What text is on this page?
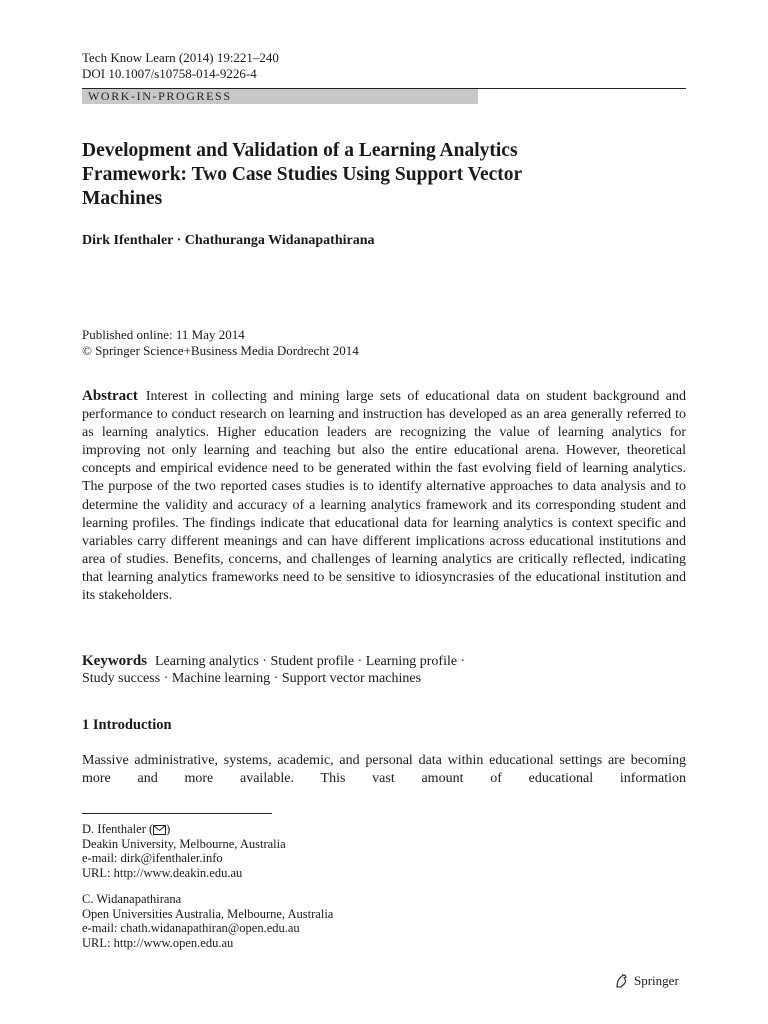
Tech Know Learn (2014) 19:221–240
DOI 10.1007/s10758-014-9226-4
WORK-IN-PROGRESS
Development and Validation of a Learning Analytics
Framework: Two Case Studies Using Support Vector
Machines
Dirk Ifenthaler · Chathuranga Widanapathirana
Published online: 11 May 2014
© Springer Science+Business Media Dordrecht 2014

Abstract Interest in collecting and mining large sets of educational data on student background and performance to conduct research on learning and instruction has developed as an area generally referred to as learning analytics. Higher education leaders are recognizing the value of learning analytics for improving not only learning and teaching but also the entire educational arena. However, theoretical concepts and empirical evidence need to be generated within the fast evolving field of learning analytics. The purpose of the two reported cases studies is to identify alternative approaches to data analysis and to determine the validity and accuracy of a learning analytics framework and its corresponding student and learning profiles. The findings indicate that educational data for learning analytics is context specific and variables carry different meanings and can have different implications across educational institutions and area of studies. Benefits, concerns, and challenges of learning analytics are critically reflected, indicating that learning analytics frameworks need to be sensitive to idiosyncrasies of the educational institution and its stakeholders.

Keywords Learning analytics · Student profile · Learning profile ·
Study success · Machine learning · Support vector machines
1 Introduction

Massive administrative, systems, academic, and personal data within educational settings are becoming more and more available. This vast amount of educational information

D. Ifenthaler ( )
Deakin University, Melbourne, Australia
e-mail: dirk@ifenthaler.info
URL: http://www.deakin.edu.au
C. Widanapathirana
Open Universities Australia, Melbourne, Australia
e-mail: chath.widanapathiran@open.edu.au
URL: http://www.open.edu.au
Springer
